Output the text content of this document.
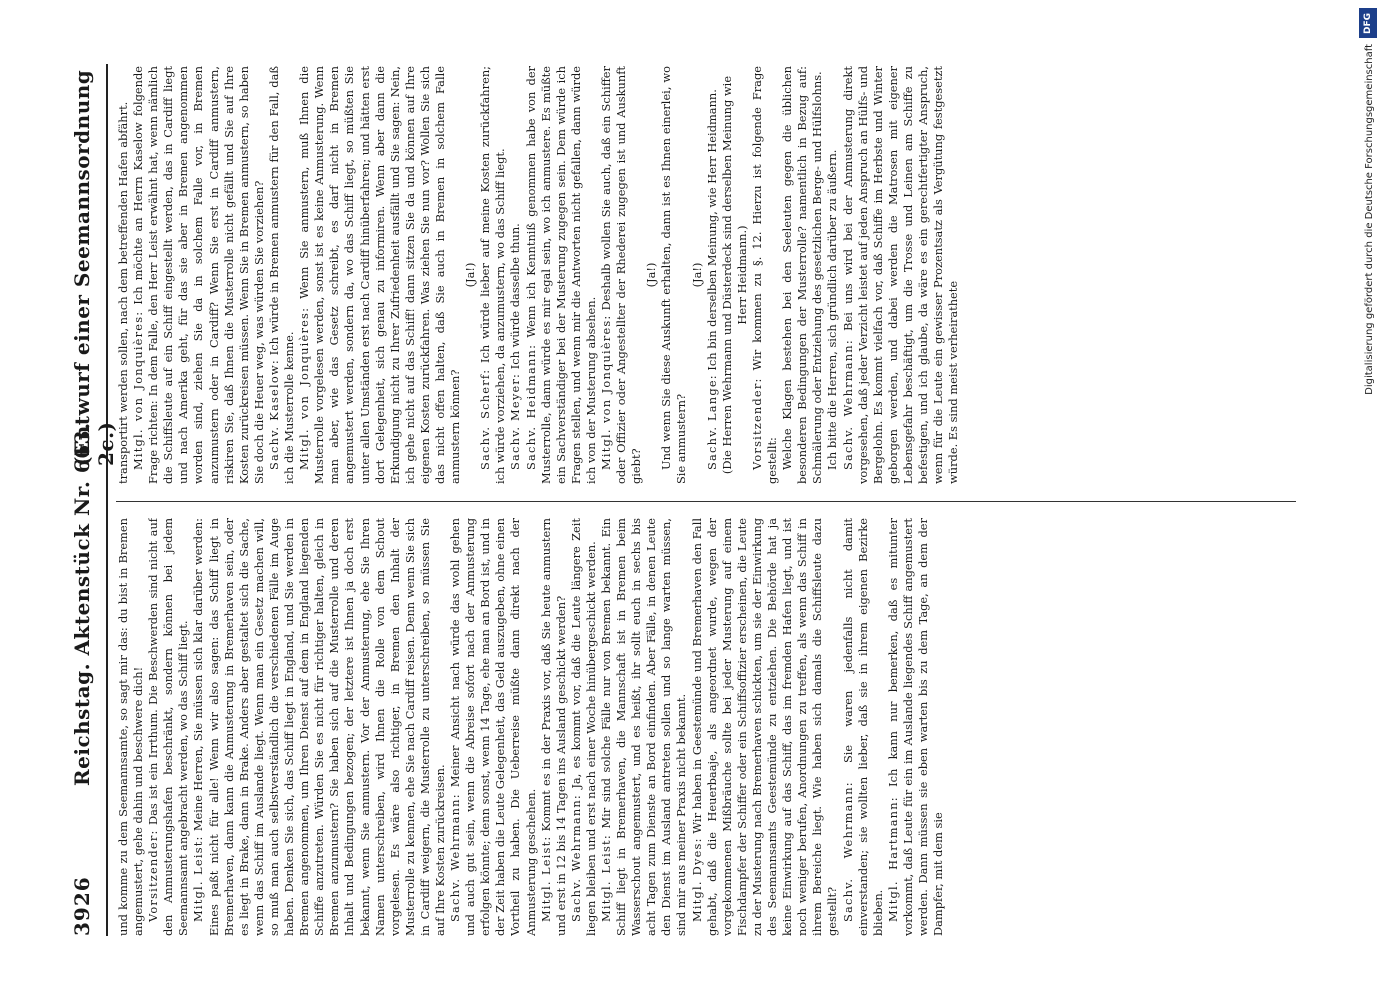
3926
Reichstag. Aktenstück Nr. 663.
(Entwurf einer Seemannsordnung 2c.)

und komme zu dem Seemannsamte, so sagt mir das: du bist in Bremen angemustert, gehe dahin und beschwere dich! Vorsitzender: Das ist ein Irrthum. Die Beschwerden sind nicht auf den Anmusterungshafen beschränkt, sondern können bei jedem Seemannsamt angebracht werden, wo das Schiff liegt. Mitgl. Leist: Meine Herren, Sie müssen sich klar darüber werden: Eines paßt nicht für alle! Wenn wir also sagen: das Schiff liegt in Bremerhaven, dann kann die Anmusterung in Bremerhaven sein, oder es liegt in Brake, dann in Brake. Anders aber gestaltet sich die Sache, wenn das Schiff im Auslande liegt. Wenn man ein Gesetz machen will, so muß man auch selbstverständlich die verschiedenen Fälle im Auge haben. Denken Sie sich, das Schiff liegt in England, und Sie werden in Bremen angenommen, um Ihren Dienst auf dem in England liegenden Schiffe anzutreten. Würden Sie es nicht für richtiger halten, gleich in Bremen anzumustern? Sie haben sich auf die Musterrolle und deren Inhalt und Bedingungen bezogen; der letztere ist Ihnen ja doch erst bekannt, wenn Sie anmustern. Vor der Anmusterung, ehe Sie Ihren Namen unterschreiben, wird Ihnen die Rolle von dem Schout vorgelesen. Es wäre also richtiger, in Bremen den Inhalt der Musterrolle zu kennen, ehe Sie nach Cardiff reisen. Denn wenn Sie sich in Cardiff weigern, die Musterrolle zu unterschreiben, so müssen Sie auf Ihre Kosten zurückreisen. Sachv. Wehrmann: Meiner Ansicht nach würde das wohl gehen und auch gut sein, wenn die Abreise sofort nach der Anmusterung erfolgen könnte; denn sonst, wenn 14 Tage, ehe man an Bord ist, und in der Zeit haben die Leute Gelegenheit, das Geld auszugeben, ohne einen Vortheil zu haben. Die Ueberreise müßte dann direkt nach der Anmusterung geschehen. Mitgl. Leist: Kommt es in der Praxis vor, daß Sie heute anmustern und erst in 12 bis 14 Tagen ins Ausland geschickt werden? Sachv. Wehrmann: Ja, es kommt vor, daß die Leute längere Zeit liegen bleiben und erst nach einer Woche hinübergeschickt werden. Mitgl. Leist: Mir sind solche Fälle nur von Bremen bekannt. Ein Schiff liegt in Bremerhaven, die Mannschaft ist in Bremen beim Wasserschout angemustert, und es heißt, ihr sollt euch in sechs bis acht Tagen zum Dienste an Bord einfinden. Aber Fälle, in denen Leute den Dienst im Ausland antreten sollen und so lange warten müssen, sind mir aus meiner Praxis nicht bekannt. Mitgl. Dyes: Wir haben in Geestemünde und Bremerhaven den Fall gehabt, daß die Heuerbaaje, als angeordnet wurde, wegen der vorgekommenen Mißbräuche sollte bei jeder Musterung auf einem Fischdampfer der Schiffer oder ein Schiffsoffizier erscheinen, die Leute zu der Musterung nach Bremerhaven schickten, um sie der Einwirkung des Seemannsamts Geestemünde zu entziehen. Die Behörde hat ja keine Einwirkung auf das Schiff, das im fremden Hafen liegt, und ist noch weniger berufen, Anordnungen zu treffen, als wenn das Schiff in ihrem Bereiche liegt. Wie haben sich damals die Schiffsleute dazu gestellt? Sachv. Wehrmann: Sie waren jedenfalls nicht damit einverstanden; sie wollten lieber, daß sie in ihrem eigenen Bezirke blieben. Mitgl. Hartmann: Ich kann nur bemerken, daß es mitunter vorkommt, daß Leute für ein im Auslande liegendes Schiff angemustert werden. Dann müssen sie eben warten bis zu dem Tage, an dem der Dampfer, mit dem sie

transportirt werden sollen, nach dem betreffenden Hafen abfährt. Mitgl. von Jonquières: Ich möchte an Herrn Kaselow folgende Frage richten: In dem Falle, den Herr Leist erwähnt hat, wenn nämlich die Schiffsleute auf ein Schiff eingestellt werden, das in Cardiff liegt und nach Amerika geht, für das sie aber in Bremen angenommen worden sind, ziehen Sie da in solchem Falle vor, in Bremen anzumustern oder in Cardiff? Wenn Sie erst in Cardiff anmustern, riskiren Sie, daß Ihnen die Musterrolle nicht gefällt und Sie auf Ihre Kosten zurückreisen müssen. Wenn Sie in Bremen anmustern, so haben Sie doch die Heuer weg, was würden Sie vorziehen? Sachv. Kaselow: Ich würde in Bremen anmustern für den Fall, daß ich die Musterrolle kenne. Mitgl. von Jonquières: Wenn Sie anmustern, muß Ihnen die Musterrolle vorgelesen werden, sonst ist es keine Anmusterung. Wenn man aber, wie das Gesetz schreibt, es darf nicht in Bremen angemustert werden, sondern da, wo das Schiff liegt, so müßten Sie unter allen Umständen erst nach Cardiff hinüberfahren; und hätten erst dort Gelegenheit, sich genau zu informiren. Wenn aber dann die Erkundigung nicht zu Ihrer Zufriedenheit ausfällt und Sie sagen: Nein, ich gehe nicht auf das Schiff! dann sitzen Sie da und können auf Ihre eigenen Kosten zurückfahren. Was ziehen Sie nun vor? Wollen Sie sich das nicht offen halten, daß Sie auch in Bremen in solchem Falle anmustern können?

(Ja!)

Sachv. Scherf: Ich würde lieber auf meine Kosten zurückfahren; ich würde vorziehen, da anzumustern, wo das Schiff liegt. Sachv. Meyer: Ich würde dasselbe thun.

Sachv. Heidmann: Wenn ich Kenntniß genommen habe von der Musterrolle, dann würde es mir egal sein, wo ich anmustere. Es müßte ein Sachverständiger bei der Musterung zugegen sein. Dem würde ich Fragen stellen, und wenn mir die Antworten nicht gefallen, dann würde ich von der Musterung absehen. Mitgl. von Jonquières: Deshalb wollen Sie auch, daß ein Schiffer oder Offizier oder Angestellter der Rhederei zugegen ist und Auskunft giebt?

(Ja!) Und wenn Sie diese Auskunft erhalten, dann ist es Ihnen einerlei, wo Sie anmustern?

(Ja!)

Sachv. Lange: Ich bin derselben Meinung, wie Herr Heidmann. (Die Herren Wehrmann und Düsterdeck sind derselben Meinung wie Herr Heidmann.)

Vorsitzender: Wir kommen zu §. 12. Hierzu ist folgende Frage gestellt: Welche Klagen bestehen bei den Seeleuten gegen die üblichen besonderen Bedingungen der Musterrolle? namentlich in Bezug auf: Schmälerung oder Entziehung des gesetzlichen Berge- und Hülfslohns. Ich bitte die Herren, sich gründlich darüber zu äußern. Sachv. Wehrmann: Bei uns wird bei der Anmusterung direkt vorgesehen, daß jeder Verzicht leistet auf jeden Anspruch an Hülfs- und Bergelohn. Es kommt vielfach vor, daß Schiffe im Herbste und Winter geborgen werden, und dabei werden die Matrosen mit eigener Lebensgefahr beschäftigt, um die Trosse und Leinen am Schiffe zu befestigen, und ich glaube, da wäre es ein gerechtfertigter Anspruch, wenn für die Leute ein gewisser Prozentsatz als Vergütung festgesetzt würde. Es sind meist verheirathete

DFG
Digitalisierung gefördert durch die Deutsche Forschungsgemeinschaft
